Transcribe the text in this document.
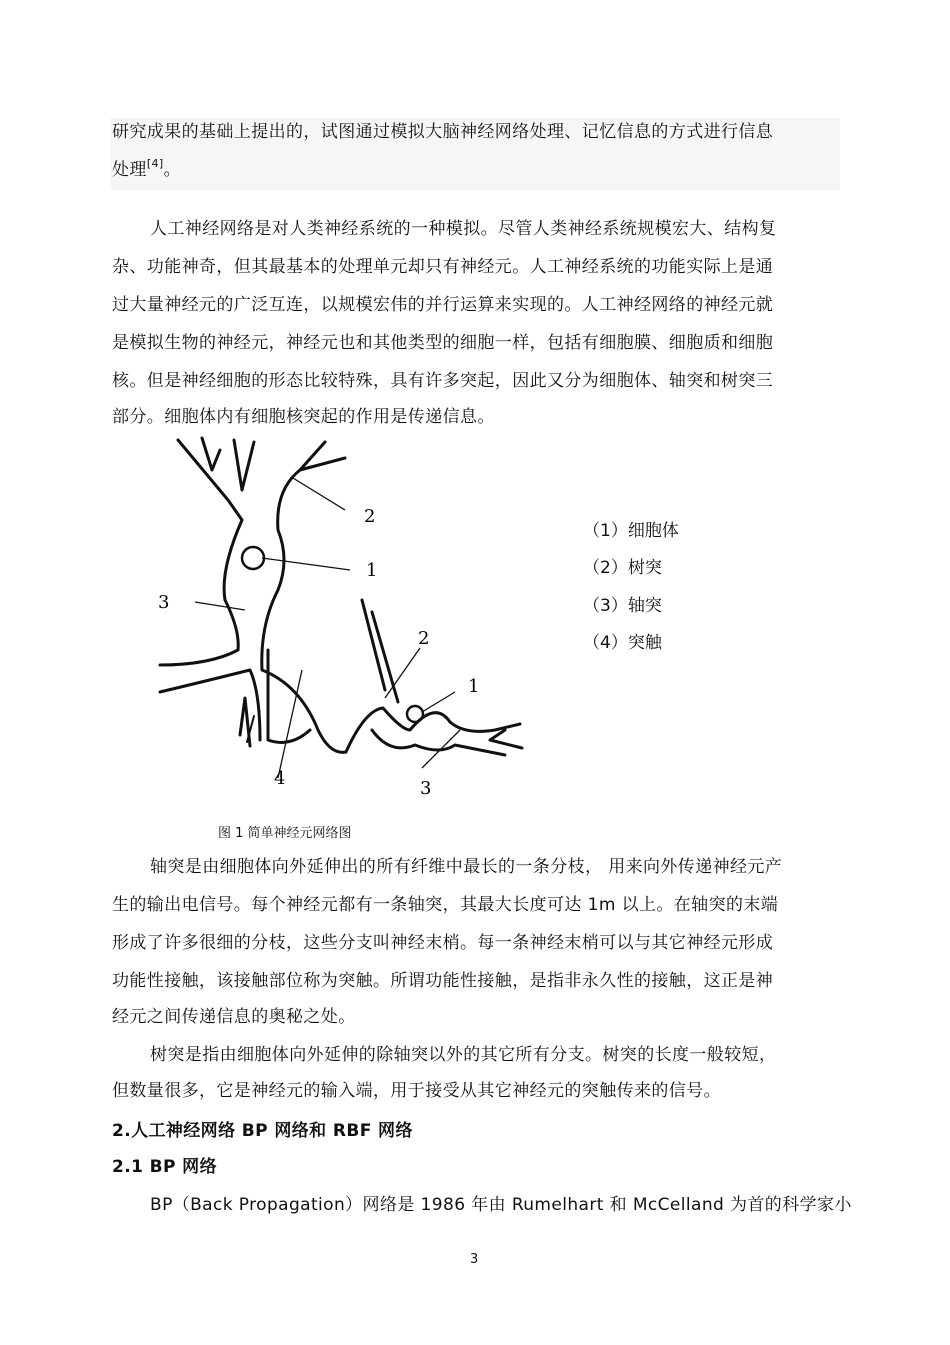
研究成果的基础上提出的，试图通过模拟大脑神经网络处理、记忆信息的方式进行信息
处理[4]。
人工神经网络是对人类神经系统的一种模拟。尽管人类神经系统规模宏大、结构复
杂、功能神奇，但其最基本的处理单元却只有神经元。人工神经系统的功能实际上是通
过大量神经元的广泛互连，以规模宏伟的并行运算来实现的。人工神经网络的神经元就
是模拟生物的神经元，神经元也和其他类型的细胞一样，包括有细胞膜、细胞质和细胞
核。但是神经细胞的形态比较特殊，具有许多突起，因此又分为细胞体、轴突和树突三
部分。细胞体内有细胞核突起的作用是传递信息。
2
1
3
2
1
4	3
（1）细胞体
（2）树突
（3）轴突
（4）突触
图 1 简单神经元网络图
轴突是由细胞体向外延伸出的所有纤维中最长的一条分枝， 用来向外传递神经元产
生的输出电信号。每个神经元都有一条轴突，其最大长度可达 1m 以上。在轴突的末端
形成了许多很细的分枝，这些分支叫神经末梢。每一条神经末梢可以与其它神经元形成
功能性接触，该接触部位称为突触。所谓功能性接触，是指非永久性的接触，这正是神
经元之间传递信息的奥秘之处。
树突是指由细胞体向外延伸的除轴突以外的其它所有分支。树突的长度一般较短，
但数量很多，它是神经元的输入端，用于接受从其它神经元的突触传来的信号。
2.人工神经网络 BP 网络和 RBF 网络
2.1 BP 网络
BP（Back Propagation）网络是 1986 年由 Rumelhart 和 McCelland 为首的科学家小
3
